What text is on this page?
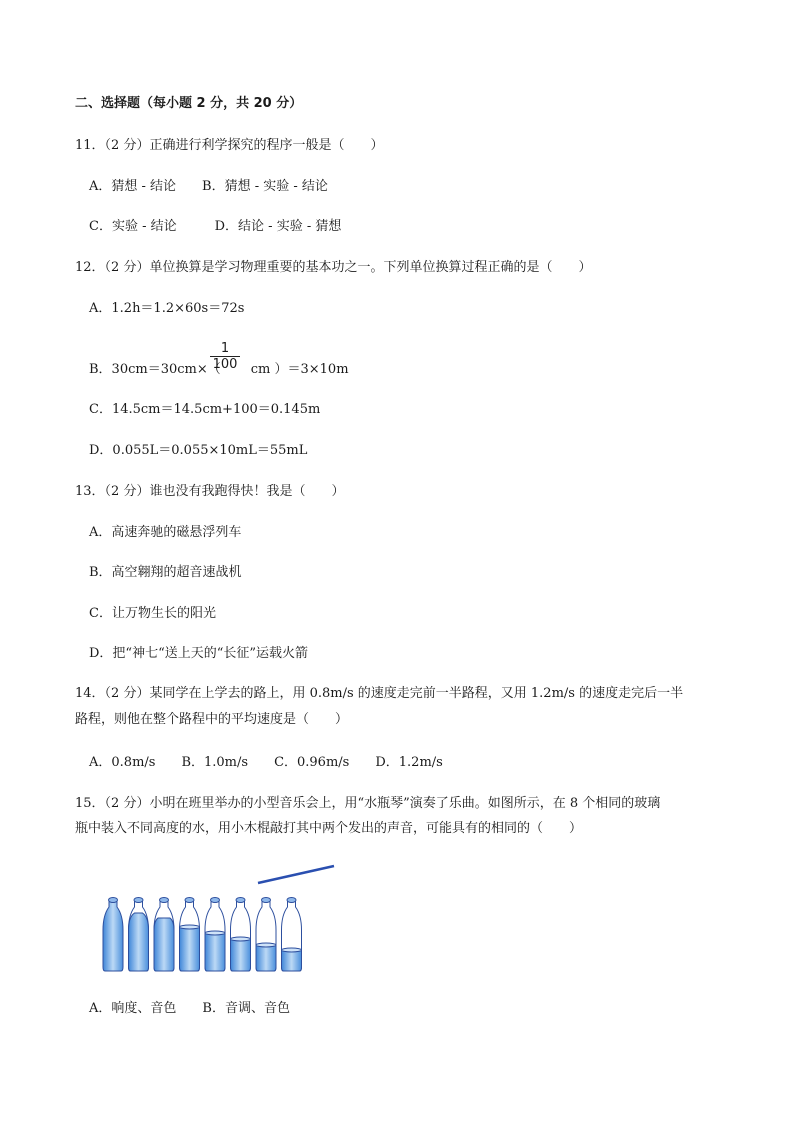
二、选择题（每小题 2 分，共 20 分）
11．（2 分）正确进行利学探究的程序一般是（　　）
A．猜想 - 结论 B．猜想 - 实验 - 结论
C．实验 - 结论	D．结论 - 实验 - 猜想
12．（2 分）单位换算是学习物理重要的基本功之一。下列单位换算过程正确的是（　　）
A．1.2h＝1.2×60s＝72s
B．30cm＝30cm×（ cm ）＝3×10m
$\frac{1}{100}$
C．14.5cm＝14.5cm+100＝0.145m
D．0.055L＝0.055×10mL＝55mL
13．（2 分）谁也没有我跑得快！我是（　　）
A．高速奔驰的磁悬浮列车
B．高空翱翔的超音速战机
C．让万物生长的阳光
D．把“神七“送上天的“长征”运载火箭
14．（2 分）某同学在上学去的路上，用 0.8m/s 的速度走完前一半路程，又用 1.2m/s 的速度走完后一半
路程，则他在整个路程中的平均速度是（　　）
A．0.8m/s B．1.0m/s C．0.96m/s D．1.2m/s
15．（2 分）小明在班里举办的小型音乐会上，用“水瓶琴”演奏了乐曲。如图所示，在 8 个相同的玻璃
瓶中装入不同高度的水，用小木棍敲打其中两个发出的声音，可能具有的相同的（　　）
A．响度、音色 B．音调、音色
